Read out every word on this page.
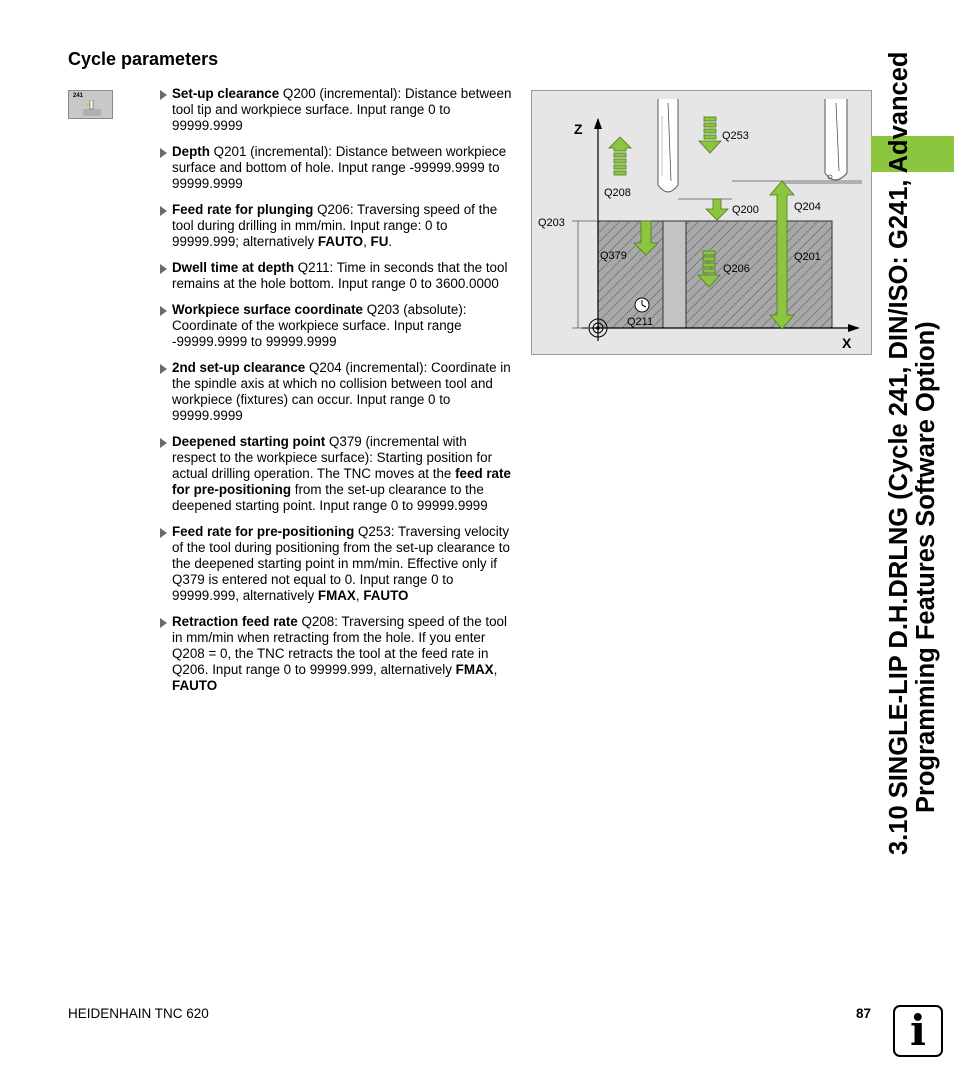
Cycle parameters
241	Set-up clearance Q200 (incremental): Distance between tool tip and workpiece surface. Input range 0 to 99999.9999
Depth Q201 (incremental): Distance between workpiece surface and bottom of hole. Input range -99999.9999 to 99999.9999
Feed rate for plunging Q206: Traversing speed of the tool during drilling in mm/min. Input range: 0 to 99999.999; alternatively FAUTO, FU.
Dwell time at depth Q211: Time in seconds that the tool remains at the hole bottom. Input range 0 to 3600.0000
Workpiece surface coordinate Q203 (absolute): Coordinate of the workpiece surface. Input range -99999.9999 to 99999.9999
2nd set-up clearance Q204 (incremental): Coordinate in the spindle axis at which no collision between tool and workpiece (fixtures) can occur. Input range 0 to 99999.9999
Deepened starting point Q379 (incremental with respect to the workpiece surface): Starting position for actual drilling operation. The TNC moves at the feed rate for pre-positioning from the set-up clearance to the deepened starting point. Input range 0 to 99999.9999
Feed rate for pre-positioning Q253: Traversing velocity of the tool during positioning from the set-up clearance to the deepened starting point in mm/min. Effective only if Q379 is entered not equal to 0. Input range 0 to 99999.999, alternatively FMAX, FAUTO
Retraction feed rate Q208: Traversing speed of the tool in mm/min when retracting from the hole. If you enter Q208 = 0, the TNC retracts the tool at the feed rate in Q206. Input range 0 to 99999.999, alternatively FMAX, FAUTO
Z
X
Q253
Q208
Q200	Q204
Q203
Q379
Q206
Q201
Q211	3.10 SINGLE-LIP D.H.DRLNG (Cycle 241, DIN/ISO: G241, Advanced Programming Features Software Option)
HEIDENHAIN TNC 620	87 i
